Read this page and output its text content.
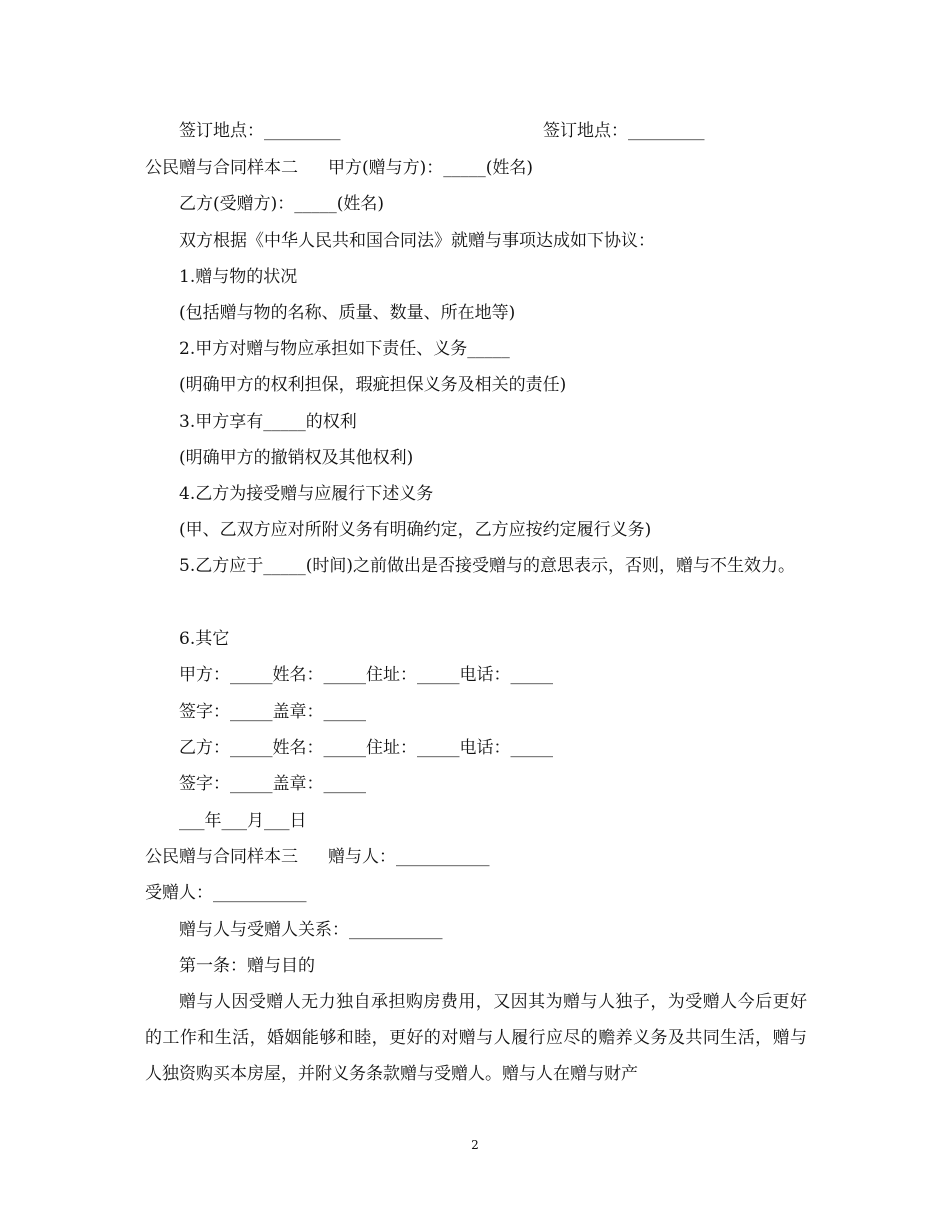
签订地点：_________	签订地点：_________
公民赠与合同样本二 甲方(赠与方)：_____(姓名)
乙方(受赠方)：_____(姓名)
双方根据《中华人民共和国合同法》就赠与事项达成如下协议：
1.赠与物的状况
(包括赠与物的名称、质量、数量、所在地等)
2.甲方对赠与物应承担如下责任、义务_____
(明确甲方的权利担保，瑕疵担保义务及相关的责任)
3.甲方享有_____的权利
(明确甲方的撤销权及其他权利)
4.乙方为接受赠与应履行下述义务
(甲、乙双方应对所附义务有明确约定，乙方应按约定履行义务)
5.乙方应于_____(时间)之前做出是否接受赠与的意思表示，否则，赠与不生效力。
6.其它
甲方：_____姓名：_____住址：_____电话：_____
签字：_____盖章：_____
乙方：_____姓名：_____住址：_____电话：_____
签字：_____盖章：_____
___年___月___日
公民赠与合同样本三 赠与人：___________
受赠人：___________
赠与人与受赠人关系：___________
第一条：赠与目的
赠与人因受赠人无力独自承担购房费用，又因其为赠与人独子，为受赠人今后更好的工作和生活，婚姻能够和睦，更好的对赠与人履行应尽的赡养义务及共同生活，赠与人独资购买本房屋，并附义务条款赠与受赠人。赠与人在赠与财产
2
